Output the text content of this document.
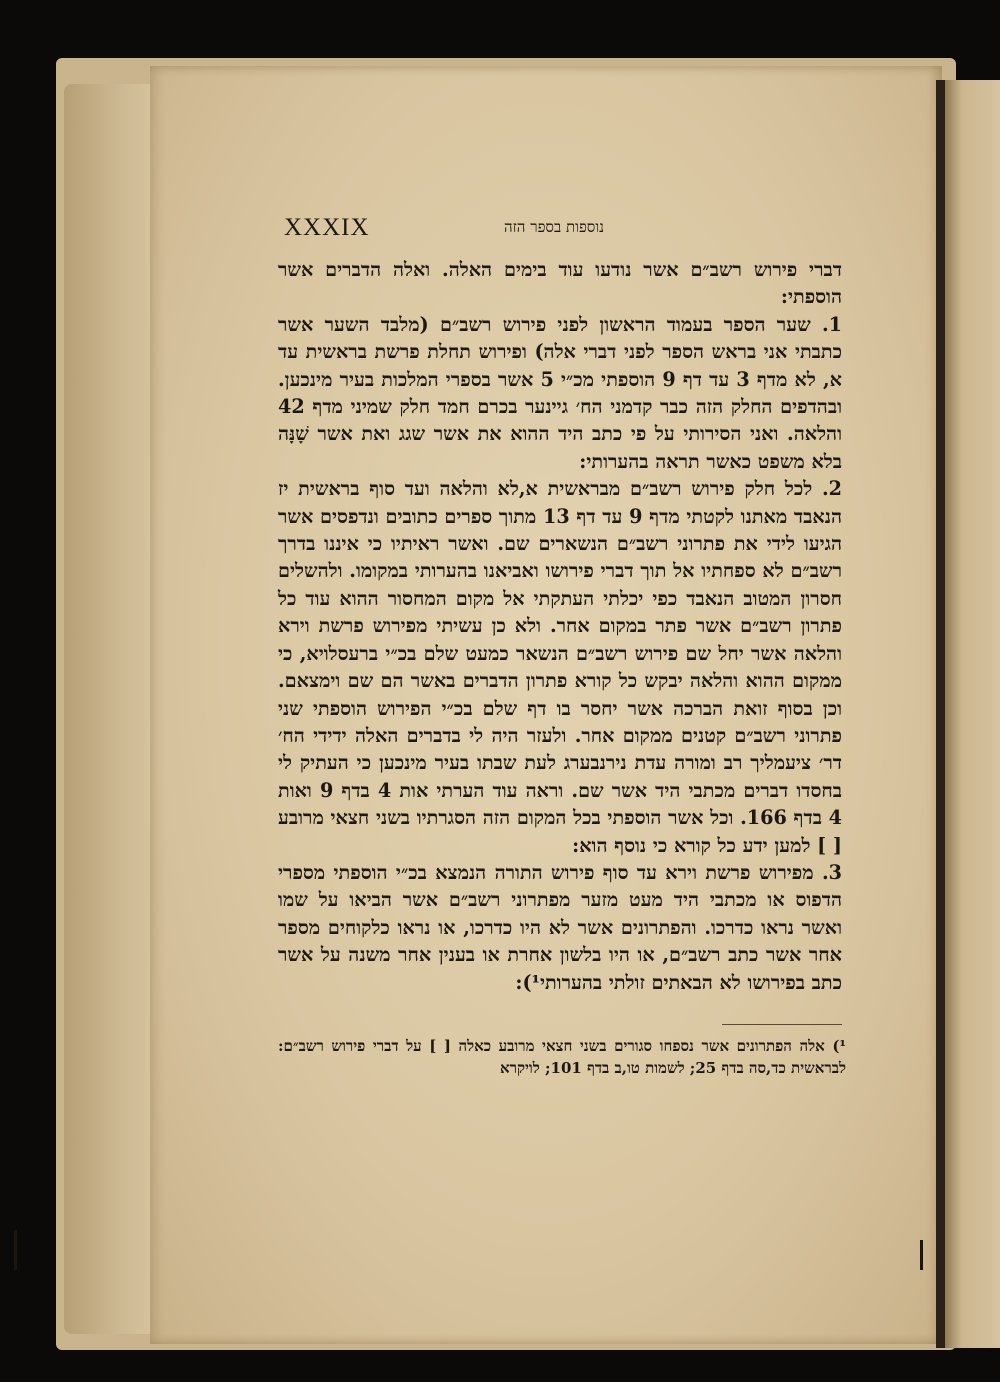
XXXIX	נוספות בספר הזה

דברי פירוש רשב״ם אשר נודעו עוד בימים האלה. ואלה הדברים אשר הוספתי:

1. שער הספר בעמוד הראשון לפני פירוש רשב״ם (מלבד השער אשר כתבתי אני בראש הספר לפני דברי אלה) ופירוש תחלת פרשת בראשית עד א, לא מדף 3 עד דף 9 הוספתי מכ״י 5 אשר בספרי המלכות בעיר מינכען. ובהדפים החלק הזה כבר קדמני הח׳ גיינער בכרם חמד חלק שמיני מדף 42 והלאה. ואני הסירותי על פי כתב היד ההוא את אשר שגג ואת אשר שָׁנָּה בלא משפט כאשר תראה בהערותי:

2. לכל חלק פירוש רשב״ם מבראשית א,לא והלאה ועד סוף בראשית יז הנאבד מאתנו לקטתי מדף 9 עד דף 13 מתוך ספרים כתובים ונדפסים אשר הגיעו לידי את פתרוני רשב״ם הנשארים שם. ואשר ראיתיו כי איננו בדרך רשב״ם לא ספחתיו אל תוך דברי פירושו ואביאנו בהערותי במקומו. ולהשלים חסרון המטוב הנאבד כפי יכלתי העתקתי אל מקום המחסור ההוא עוד כל פתרון רשב״ם אשר פתר במקום אחר. ולא כן עשיתי מפירוש פרשת וירא והלאה אשר יחל שם פירוש רשב״ם הנשאר כמעט שלם בכ״י ברעסלויא, כי ממקום ההוא והלאה יבקש כל קורא פתרון הדברים באשר הם שם וימצאם. וכן בסוף זואת הברכה אשר יחסר בו דף שלם בכ״י הפירוש הוספתי שני פתרוני רשב״ם קטנים ממקום אחר. ולעזר היה לי בדברים האלה ידידי הח׳ דר׳ ציעמליך רב ומורה עדת נירנבערג לעת שבתו בעיר מינכען כי העתיק לי בחסדו דברים מכתבי היד אשר שם. וראה עוד הערתי אות 4 בדף 9 ואות 4 בדף 166. וכל אשר הוספתי בכל המקום הזה הסגרתיו בשני חצאי מרובע [ ] למען ידע כל קורא כי נוסף הוא:

3. מפירוש פרשת וירא עד סוף פירוש התורה הנמצא בכ״י הוספתי מספרי הדפוס או מכתבי היד מעט מזער מפתרוני רשב״ם אשר הביאו על שמו ואשר נראו כדרכו. והפתרונים אשר לא היו כדרכו, או נראו כלקוחים מספר אחר אשר כתב רשב״ם, או היו בלשון אחרת או בענין אחר משנה על אשר כתב בפירושו לא הבאתים זולתי בהערותי¹):

¹) אלה הפתרונים אשר נספחו סגורים בשני חצאי מרובע כאלה [ ] על דברי פירוש רשב״ם: לבראשית כד,סה בדף 25; לשמות טו,ב בדף 101; לויקרא
